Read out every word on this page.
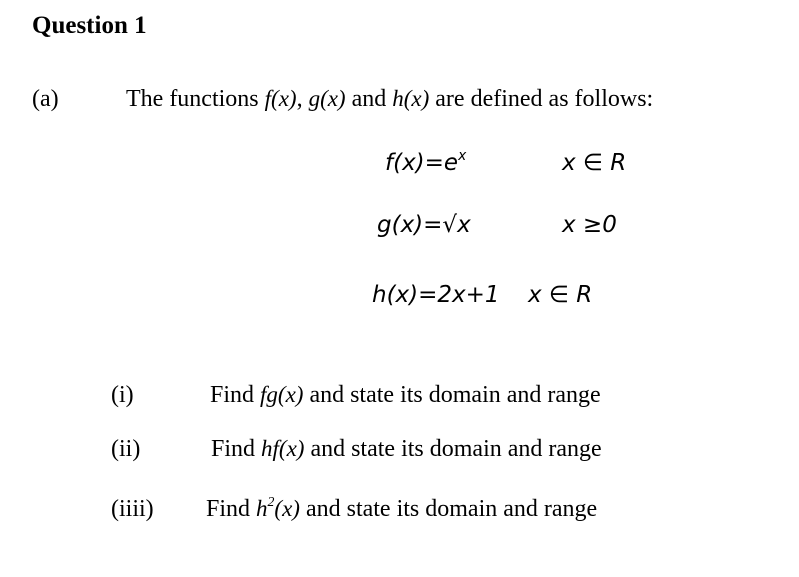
Question 1
(a)	The functions f(x), g(x) and h(x) are defined as follows:
$f(x)=e^x$	x ∈ R
g(x)=√x	x ≥0
h(x)=2x+1 x ∈ R
(i)	Find fg(x) and state its domain and range
(ii)	Find hf(x) and state its domain and range
(iiii) Find $h^2(x)$ and state its domain and range
